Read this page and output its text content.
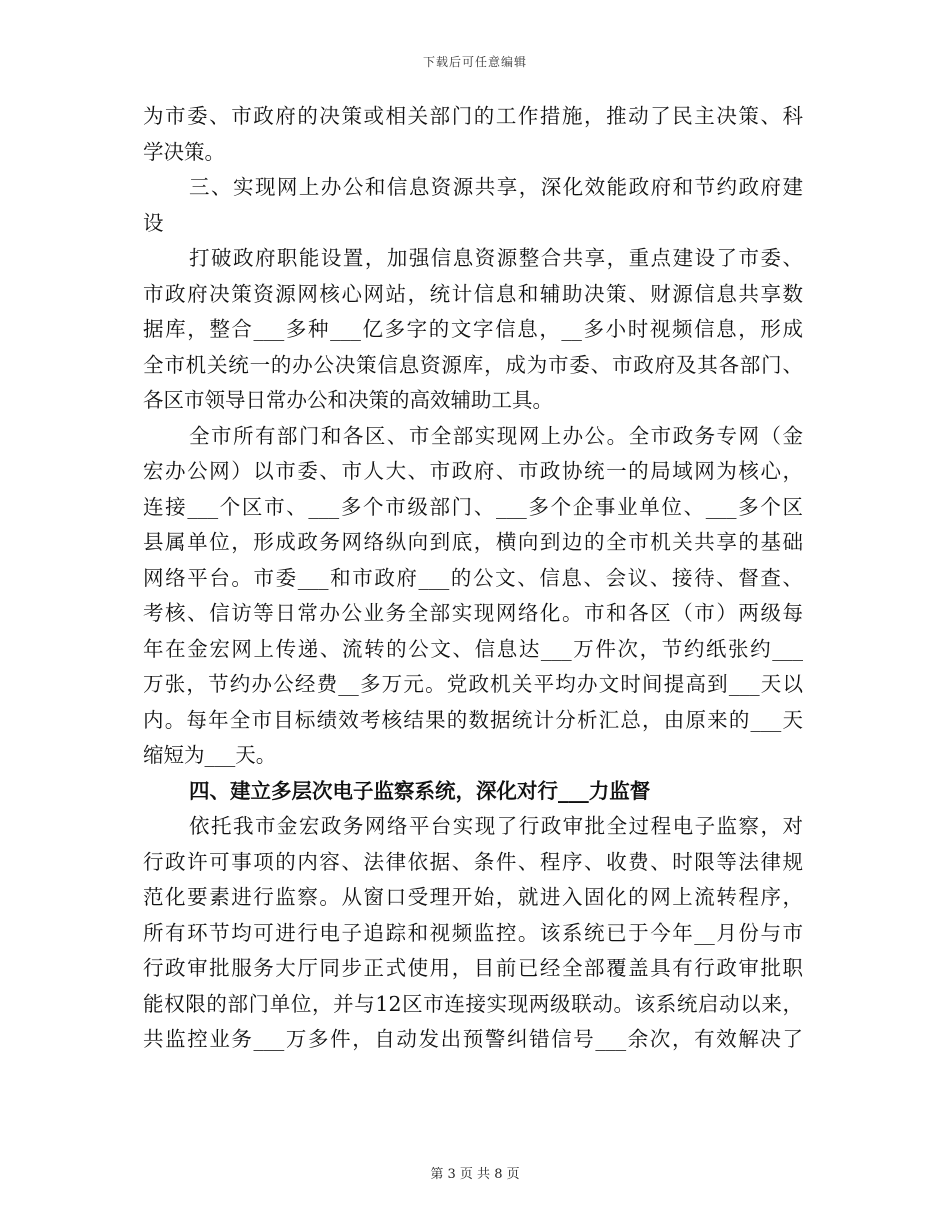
下载后可任意编辑
为市委、市政府的决策或相关部门的工作措施，推动了民主决策、科
学决策。
三、实现网上办公和信息资源共享，深化效能政府和节约政府建
设
打破政府职能设置，加强信息资源整合共享，重点建设了市委、
市政府决策资源网核心网站，统计信息和辅助决策、财源信息共享数
据库，整合___多种___亿多字的文字信息，__多小时视频信息，形成
全市机关统一的办公决策信息资源库，成为市委、市政府及其各部门、
各区市领导日常办公和决策的高效辅助工具。
全市所有部门和各区、市全部实现网上办公。全市政务专网（金
宏办公网）以市委、市人大、市政府、市政协统一的局域网为核心，
连接___个区市、___多个市级部门、___多个企事业单位、___多个区
县属单位，形成政务网络纵向到底，横向到边的全市机关共享的基础
网络平台。市委___和市政府___的公文、信息、会议、接待、督查、
考核、信访等日常办公业务全部实现网络化。市和各区（市）两级每
年在金宏网上传递、流转的公文、信息达___万件次，节约纸张约___
万张，节约办公经费__多万元。党政机关平均办文时间提高到___天以
内。每年全市目标绩效考核结果的数据统计分析汇总，由原来的___天
缩短为___天。
四、建立多层次电子监察系统，深化对行___力监督
依托我市金宏政务网络平台实现了行政审批全过程电子监察，对
行政许可事项的内容、法律依据、条件、程序、收费、时限等法律规
范化要素进行监察。从窗口受理开始，就进入固化的网上流转程序，
所有环节均可进行电子追踪和视频监控。该系统已于今年__月份与市
行政审批服务大厅同步正式使用，目前已经全部覆盖具有行政审批职
能权限的部门单位，并与12区市连接实现两级联动。该系统启动以来，
共监控业务___万多件，自动发出预警纠错信号___余次，有效解决了
第 3 页 共 8 页
